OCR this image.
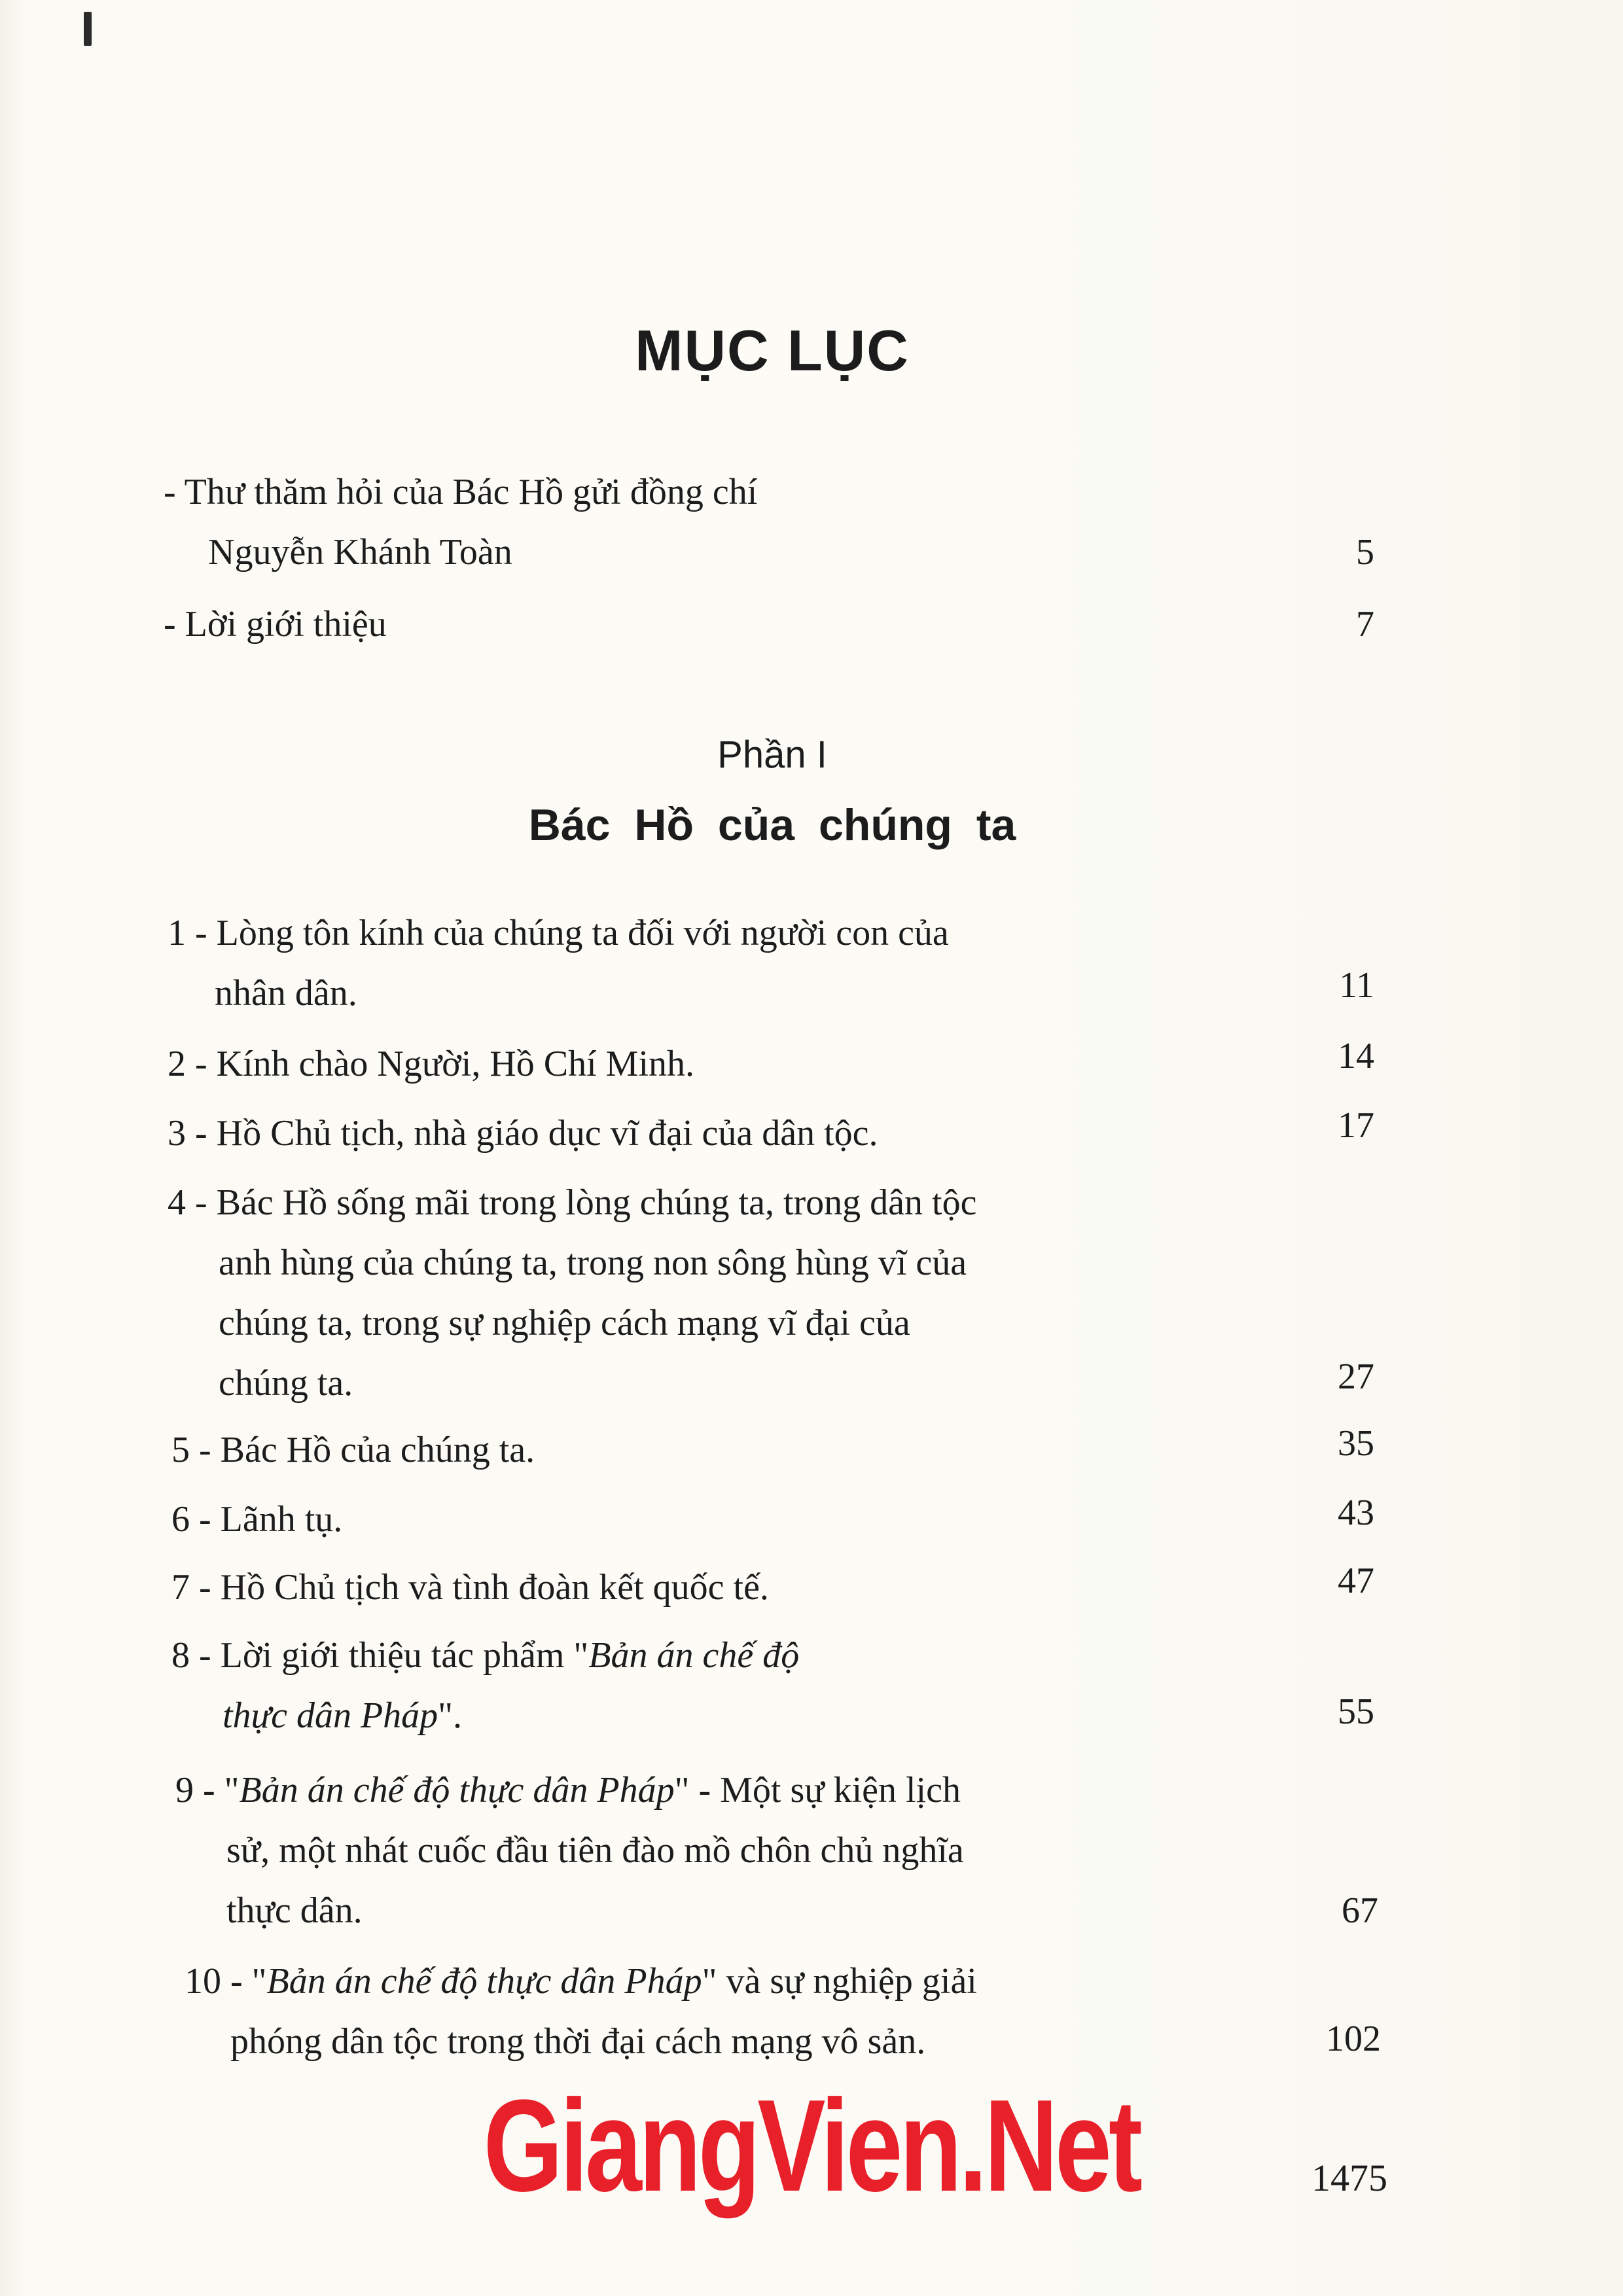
MỤC LỤC
- Thư thăm hỏi của Bác Hồ gửi đồng chí
Nguyễn Khánh Toàn	5
- Lời giới thiệu	7
Phần I
Bác Hồ của chúng ta
1 - Lòng tôn kính của chúng ta đối với người con của
nhân dân.	11
2 - Kính chào Người, Hồ Chí Minh.	14
3 - Hồ Chủ tịch, nhà giáo dục vĩ đại của dân tộc.	17
4 - Bác Hồ sống mãi trong lòng chúng ta, trong dân tộc
anh hùng của chúng ta, trong non sông hùng vĩ của
chúng ta, trong sự nghiệp cách mạng vĩ đại của
chúng ta.	27
5 - Bác Hồ của chúng ta.	35
6 - Lãnh tụ.	43
7 - Hồ Chủ tịch và tình đoàn kết quốc tế.	47
8 - Lời giới thiệu tác phẩm "Bản án chế độ
thực dân Pháp".	55
9 - "Bản án chế độ thực dân Pháp" - Một sự kiện lịch
sử, một nhát cuốc đầu tiên đào mồ chôn chủ nghĩa
thực dân.	67
10 - "Bản án chế độ thực dân Pháp" và sự nghiệp giải
phóng dân tộc trong thời đại cách mạng vô sản.	102
GiangVien.Net	1475
